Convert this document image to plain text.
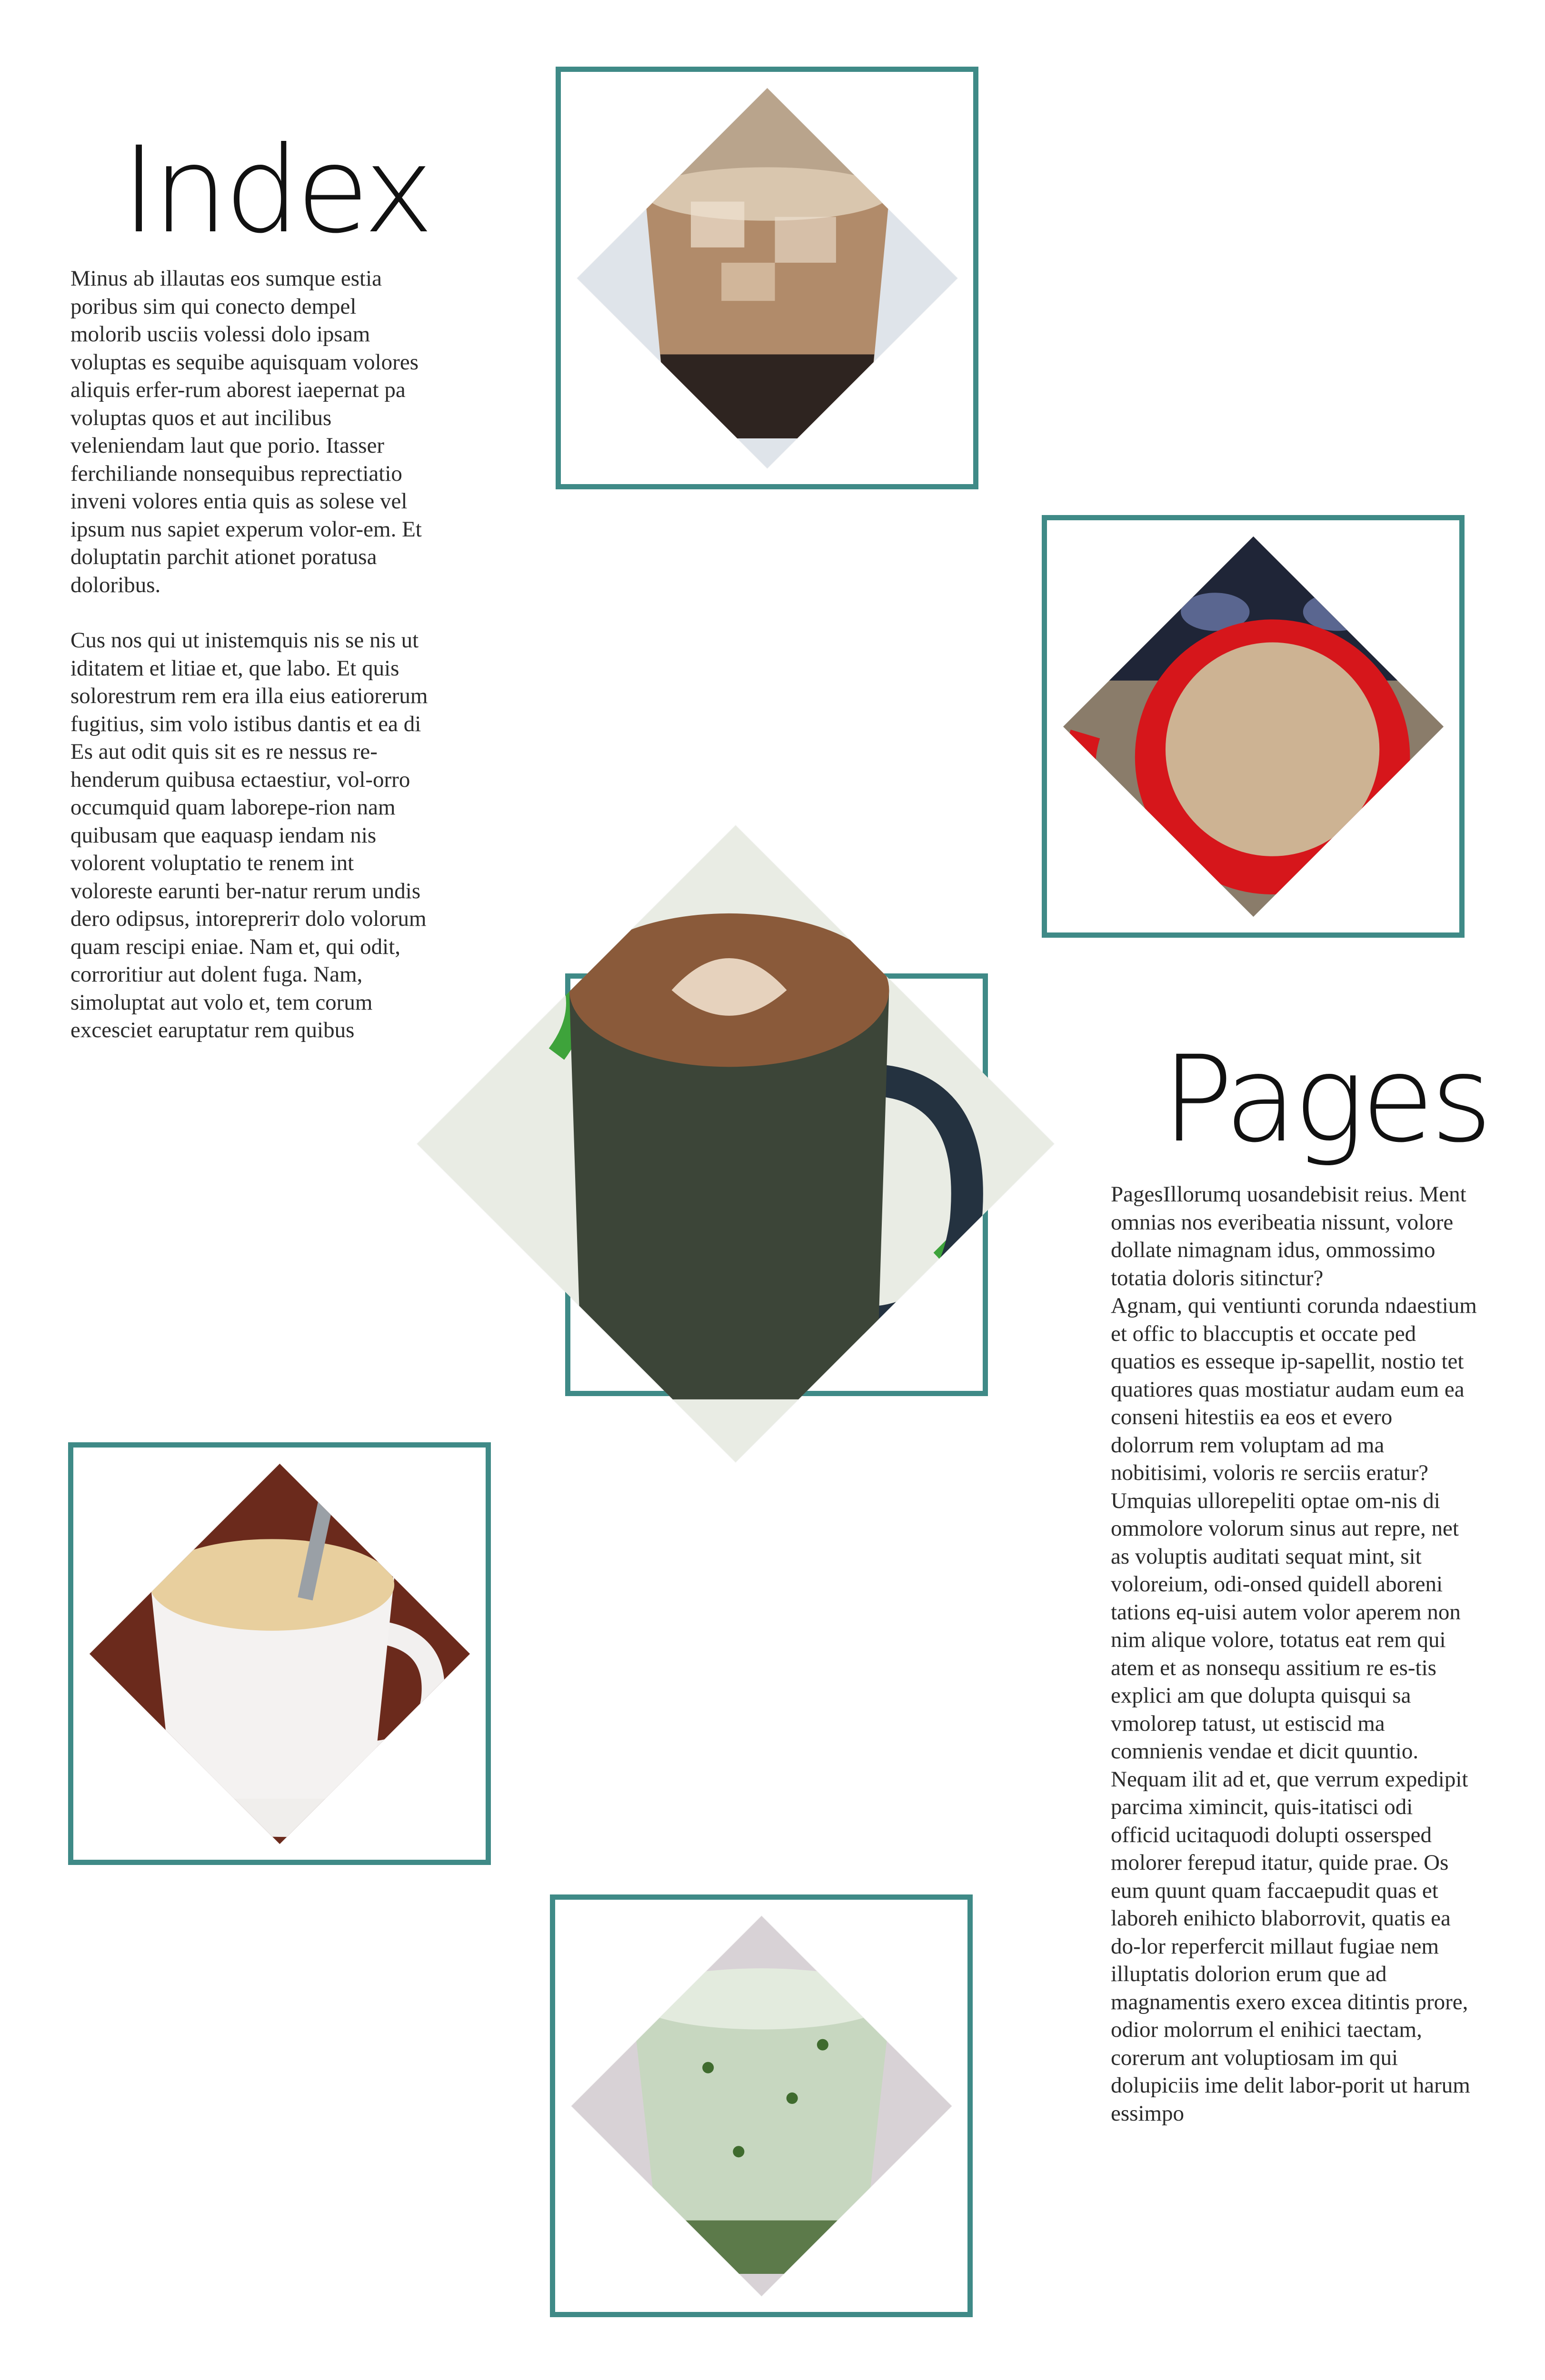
Index

Minus ab illautas eos sumque estia poribus sim qui conecto dempel molorib usciis volessi dolo ipsam voluptas es sequibe aquisquam volores aliquis erfer-rum aborest iaepernat pa voluptas quos et aut incilibus veleniendam laut que porio. Itasser ferchiliande nonsequibus reprectiatio inveni volores entia quis as solese vel ipsum nus sapiet experum volor-em. Et doluptatin parchit ationet poratusa doloribus.

Cus nos qui ut inistemquis nis se nis ut iditatem et litiae et, que labo. Et quis solorestrum rem era illa eius eatiorerum fugitius, sim volo istibus dantis et ea di

Es aut odit quis sit es re nessus re-henderum quibusa ectaestiur, vol-orro occumquid quam laborepe-rion nam quibusam que eaquasp iendam nis volorent voluptatio te renem int voloreste earunti ber-natur rerum undis dero odipsus, intorepreriт dolo volorum quam rescipi eniae. Nam et, qui odit, corroritiur aut dolent fuga. Nam, simoluptat aut volo et, tem corum excesciet earuptatur rem quibus	Pages

PagesIllorumq uosandebisit reius. Ment omnias nos everibeatia nissunt, volore dollate nimagnam idus, ommossimo totatia doloris sitinctur?

Agnam, qui ventiunti corunda ndaestium et offic to blaccuptis et occate ped quatios es esseque ip-sapellit, nostio tet quatiores quas mostiatur audam eum ea conseni hitestiis ea eos et evero dolorrum rem voluptam ad ma nobitisimi, voloris re serciis eratur?

Umquias ullorepeliti optae om-nis di ommolore volorum sinus aut repre, net as voluptis auditati sequat mint, sit voloreium, odi-onsed quidell aboreni tations eq-uisi autem volor aperem non nim alique volore, totatus eat rem qui atem et as nonsequ assitium re es-tis explici am que dolupta quisqui sa vmolorep tatust, ut estiscid ma comnienis vendae et dicit quuntio. Nequam ilit ad et, que verrum expedipit parcima ximincit, quis-itatisci odi officid ucitaquodi dolupti ossersped molorer ferepud itatur, quide prae. Os eum quunt quam faccaepudit quas et laboreh enihicto blaborrovit, quatis ea do-lor reperfercit millaut fugiae nem illuptatis dolorion erum que ad magnamentis exero excea ditintis prore, odior molorrum el enihici taectam, corerum ant voluptiosam im qui dolupiciis ime delit labor-porit ut harum essimpo
